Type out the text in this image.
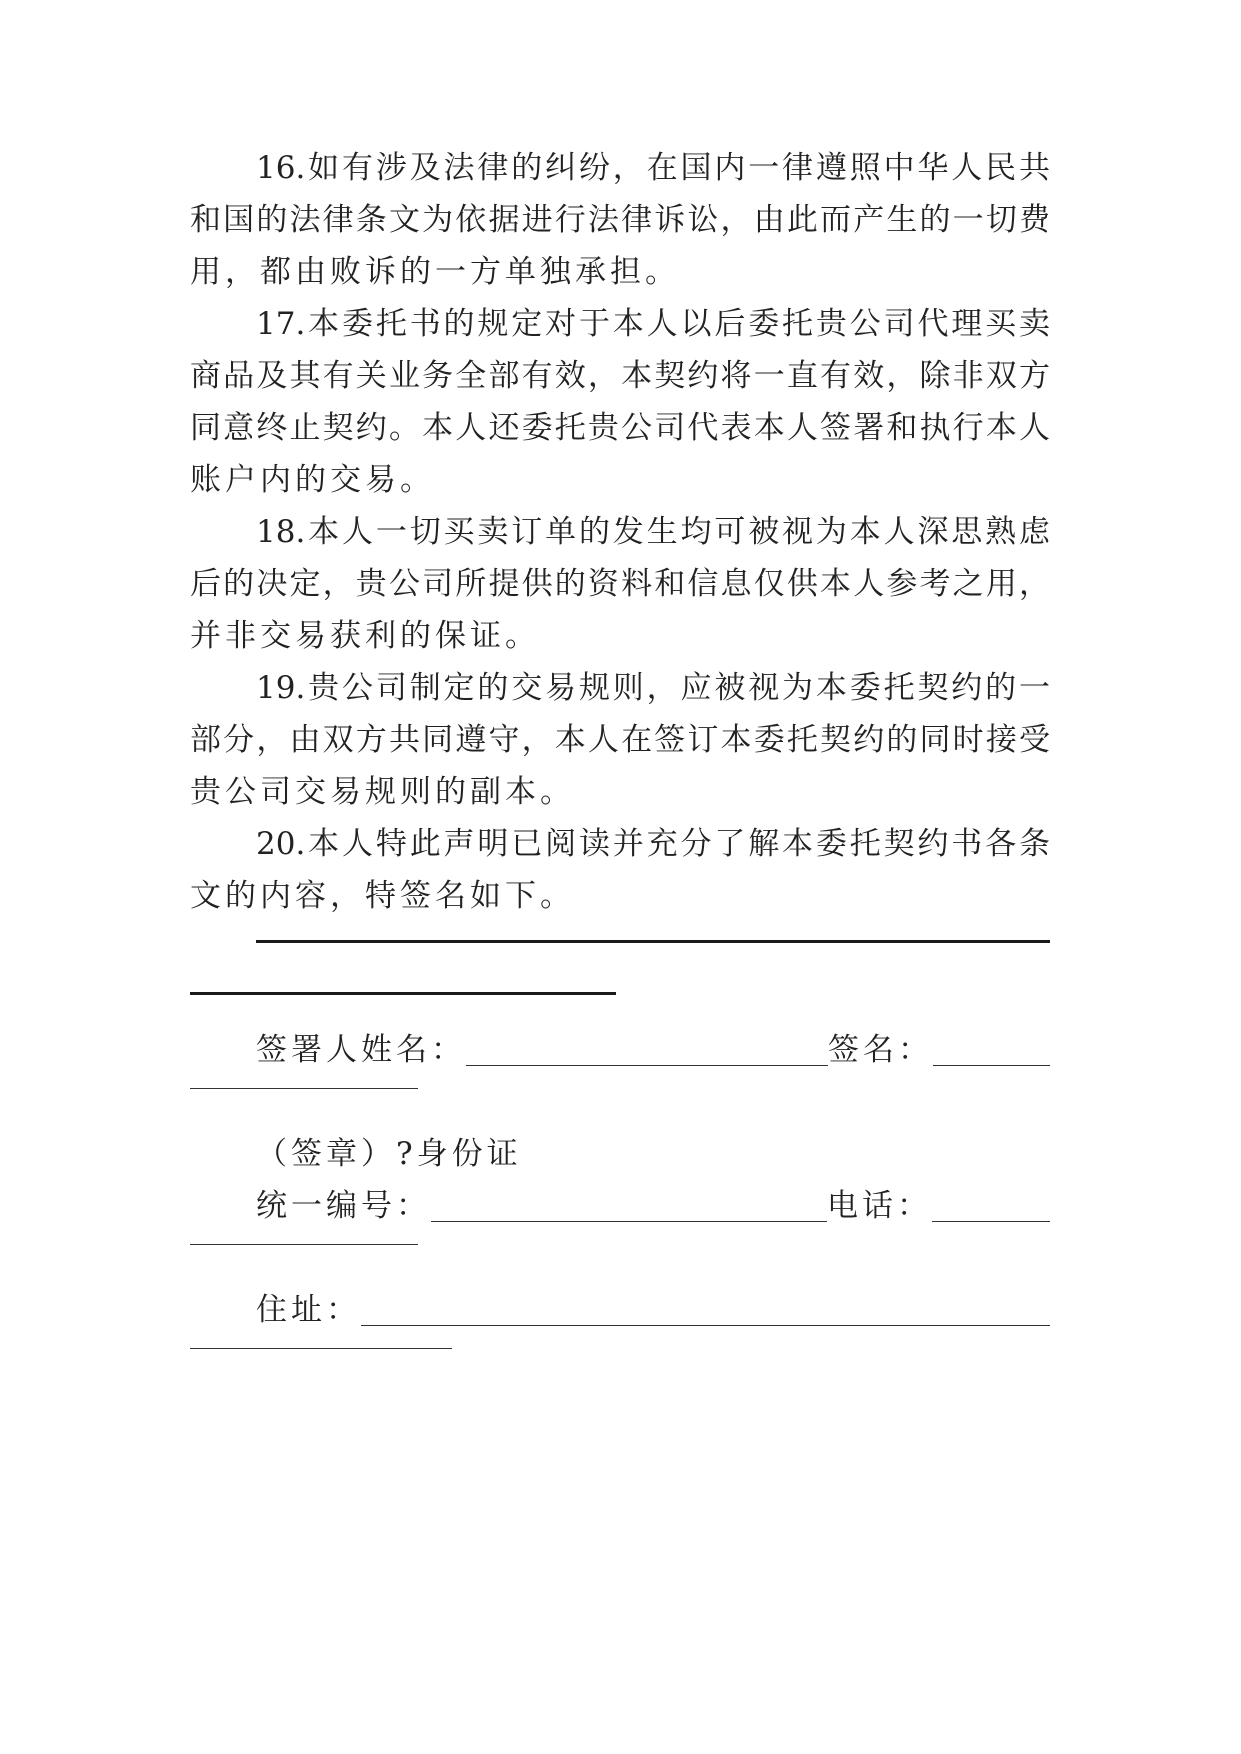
16.如有涉及法律的纠纷，在国内一律遵照中华人民共
和国的法律条文为依据进行法律诉讼，由此而产生的一切费
用，都由败诉的一方单独承担。
17.本委托书的规定对于本人以后委托贵公司代理买卖
商品及其有关业务全部有效，本契约将一直有效，除非双方
同意终止契约。本人还委托贵公司代表本人签署和执行本人
账户内的交易。
18.本人一切买卖订单的发生均可被视为本人深思熟虑
后的决定，贵公司所提供的资料和信息仅供本人参考之用，
并非交易获利的保证。
19.贵公司制定的交易规则，应被视为本委托契约的一
部分，由双方共同遵守，本人在签订本委托契约的同时接受
贵公司交易规则的副本。
20.本人特此声明已阅读并充分了解本委托契约书各条
文的内容，特签名如下。
签署人姓名：	签名：
（签章）?身份证
统一编号：	电话：
住址：
